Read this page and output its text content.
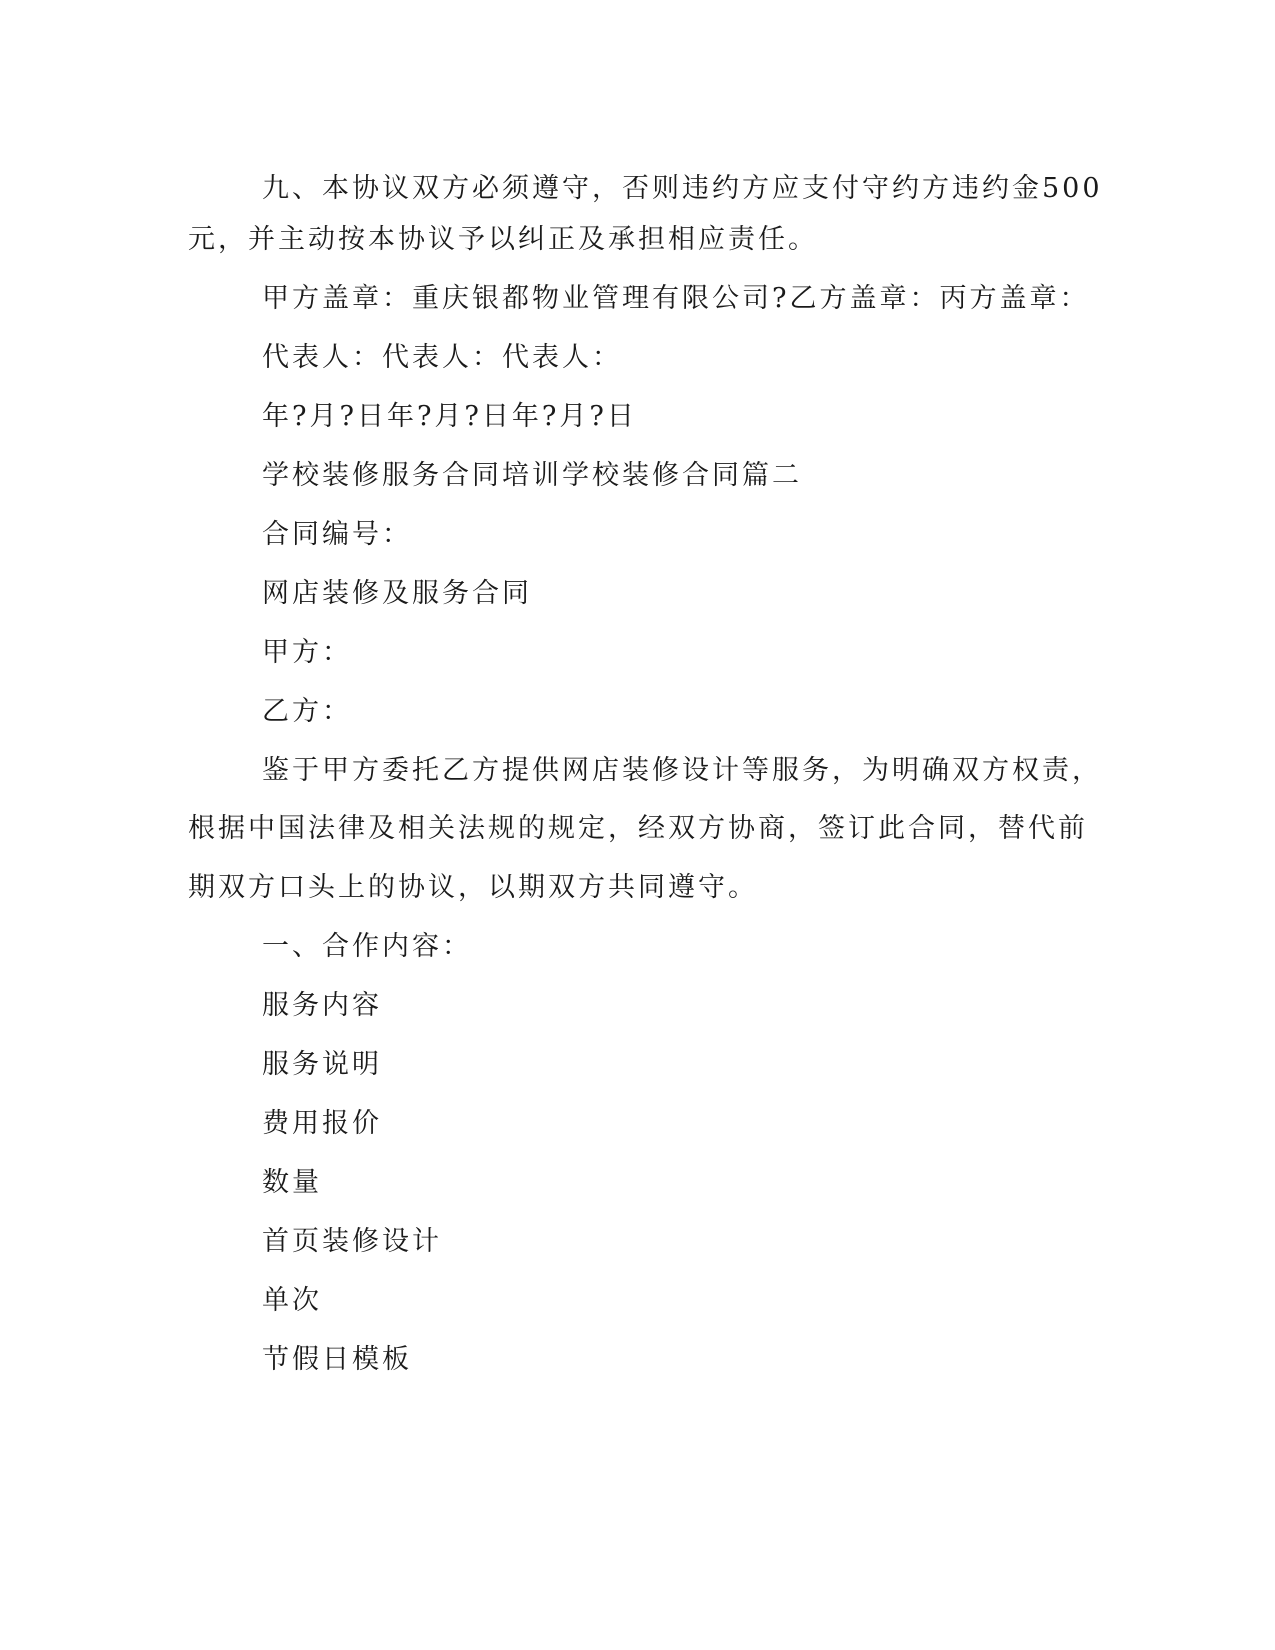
九、本协议双方必须遵守，否则违约方应支付守约方违约金500
元，并主动按本协议予以纠正及承担相应责任。
甲方盖章：重庆银都物业管理有限公司?乙方盖章：丙方盖章：
代表人：代表人：代表人：
年?月?日年?月?日年?月?日
学校装修服务合同培训学校装修合同篇二
合同编号：
网店装修及服务合同
甲方：
乙方：
鉴于甲方委托乙方提供网店装修设计等服务，为明确双方权责，
根据中国法律及相关法规的规定，经双方协商，签订此合同，替代前
期双方口头上的协议，以期双方共同遵守。
一、合作内容：
服务内容
服务说明
费用报价
数量
首页装修设计
单次
节假日模板
